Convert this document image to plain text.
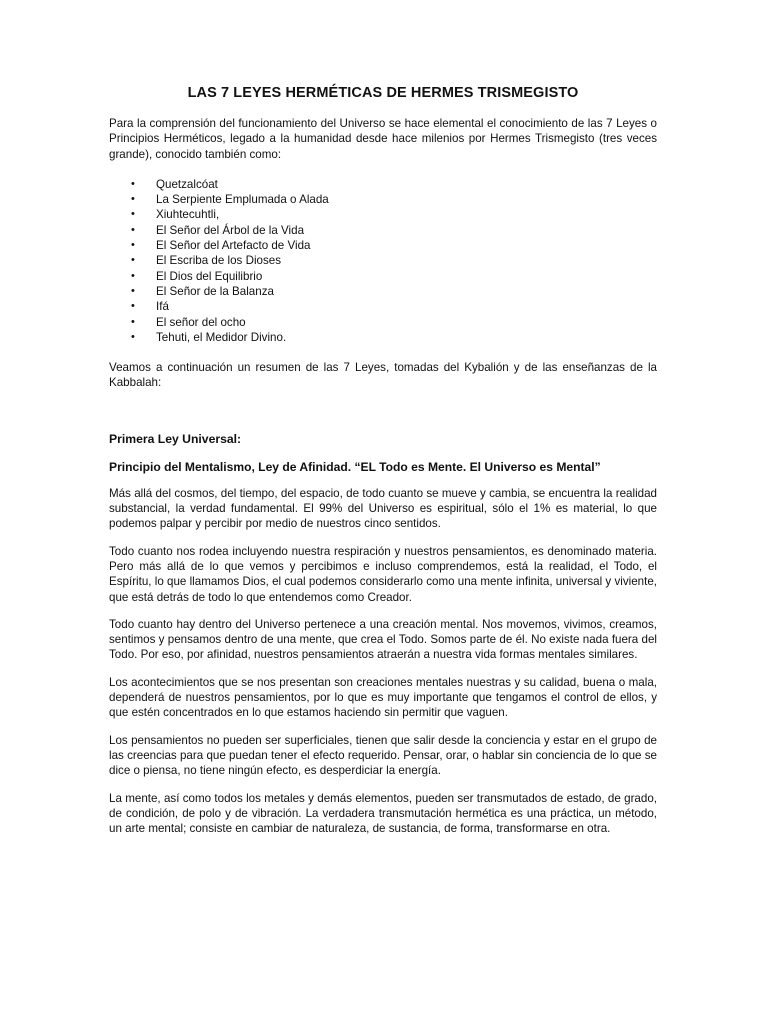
LAS 7 LEYES HERMÉTICAS DE HERMES TRISMEGISTO

Para la comprensión del funcionamiento del Universo se hace elemental el conocimiento de las 7 Leyes o Principios Herméticos, legado a la humanidad desde hace milenios por Hermes Trismegisto (tres veces grande), conocido también como:

• Quetzalcóat
• La Serpiente Emplumada o Alada
• Xiuhtecuhtli,
• El Señor del Árbol de la Vida
• El Señor del Artefacto de Vida
• El Escriba de los Dioses
• El Dios del Equilibrio
• El Señor de la Balanza
• Ifá
• El señor del ocho
• Tehuti, el Medidor Divino.

Veamos a continuación un resumen de las 7 Leyes, tomadas del Kybalión y de las enseñanzas de la Kabbalah:

Primera Ley Universal:
Principio del Mentalismo, Ley de Afinidad. “EL Todo es Mente. El Universo es Mental”

Más allá del cosmos, del tiempo, del espacio, de todo cuanto se mueve y cambia, se encuentra la realidad substancial, la verdad fundamental. El 99% del Universo es espiritual, sólo el 1% es material, lo que podemos palpar y percibir por medio de nuestros cinco sentidos.

Todo cuanto nos rodea incluyendo nuestra respiración y nuestros pensamientos, es denominado materia. Pero más allá de lo que vemos y percibimos e incluso comprendemos, está la realidad, el Todo, el Espíritu, lo que llamamos Dios, el cual podemos considerarlo como una mente infinita, universal y viviente, que está detrás de todo lo que entendemos como Creador.

Todo cuanto hay dentro del Universo pertenece a una creación mental. Nos movemos, vivimos, creamos, sentimos y pensamos dentro de una mente, que crea el Todo. Somos parte de él. No existe nada fuera del Todo. Por eso, por afinidad, nuestros pensamientos atraerán a nuestra vida formas mentales similares.

Los acontecimientos que se nos presentan son creaciones mentales nuestras y su calidad, buena o mala, dependerá de nuestros pensamientos, por lo que es muy importante que tengamos el control de ellos, y que estén concentrados en lo que estamos haciendo sin permitir que vaguen.

Los pensamientos no pueden ser superficiales, tienen que salir desde la conciencia y estar en el grupo de las creencias para que puedan tener el efecto requerido. Pensar, orar, o hablar sin conciencia de lo que se dice o piensa, no tiene ningún efecto, es desperdiciar la energía.

La mente, así como todos los metales y demás elementos, pueden ser transmutados de estado, de grado, de condición, de polo y de vibración. La verdadera transmutación hermética es una práctica, un método, un arte mental; consiste en cambiar de naturaleza, de sustancia, de forma, transformarse en otra.
